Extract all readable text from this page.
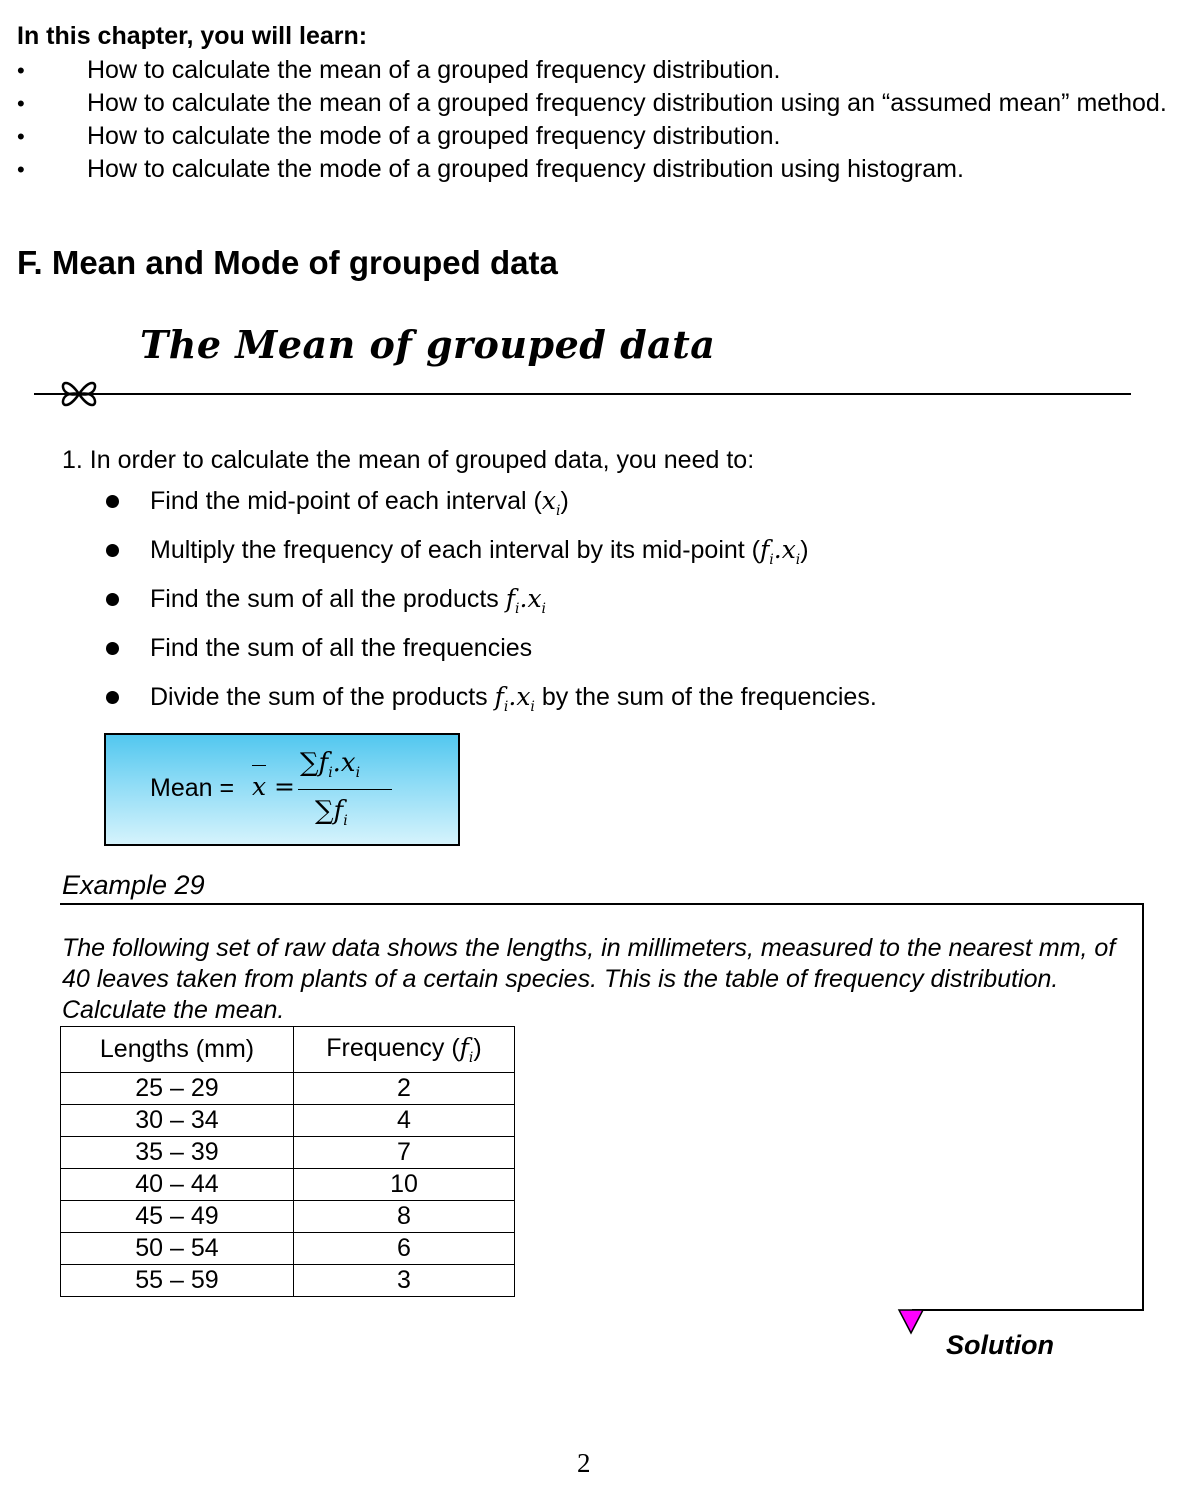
In this chapter, you will learn:
• How to calculate the mean of a grouped frequency distribution.
• How to calculate the mean of a grouped frequency distribution using an “assumed mean” method.
• How to calculate the mode of a grouped frequency distribution.
• How to calculate the mode of a grouped frequency distribution using histogram.
F. Mean and Mode of grouped data
The Mean of grouped data
1. In order to calculate the mean of grouped data, you need to:
Find the mid-point of each interval $(x_i)$
Multiply the frequency of each interval by its mid-point $(f_i.x_i)$
Find the sum of all the products $f_i.x_i$
Find the sum of all the frequencies
Divide the sum of the products $f_i.x_i$ by the sum of the frequencies.
Mean = x =
$\sum f_i.x_i$
$\sum f_i$
Example 29
The following set of raw data shows the lengths, in millimeters, measured to the nearest mm, of 40 leaves taken from plants of a certain species. This is the table of frequency distribution. Calculate the mean.
Lengths (mm)	Frequency $(f_i)$
25 – 29	2
30 – 34	4
35 – 39	7
40 – 44	10
45 – 49	8
50 – 54	6
55 – 59	3
Solution
2
